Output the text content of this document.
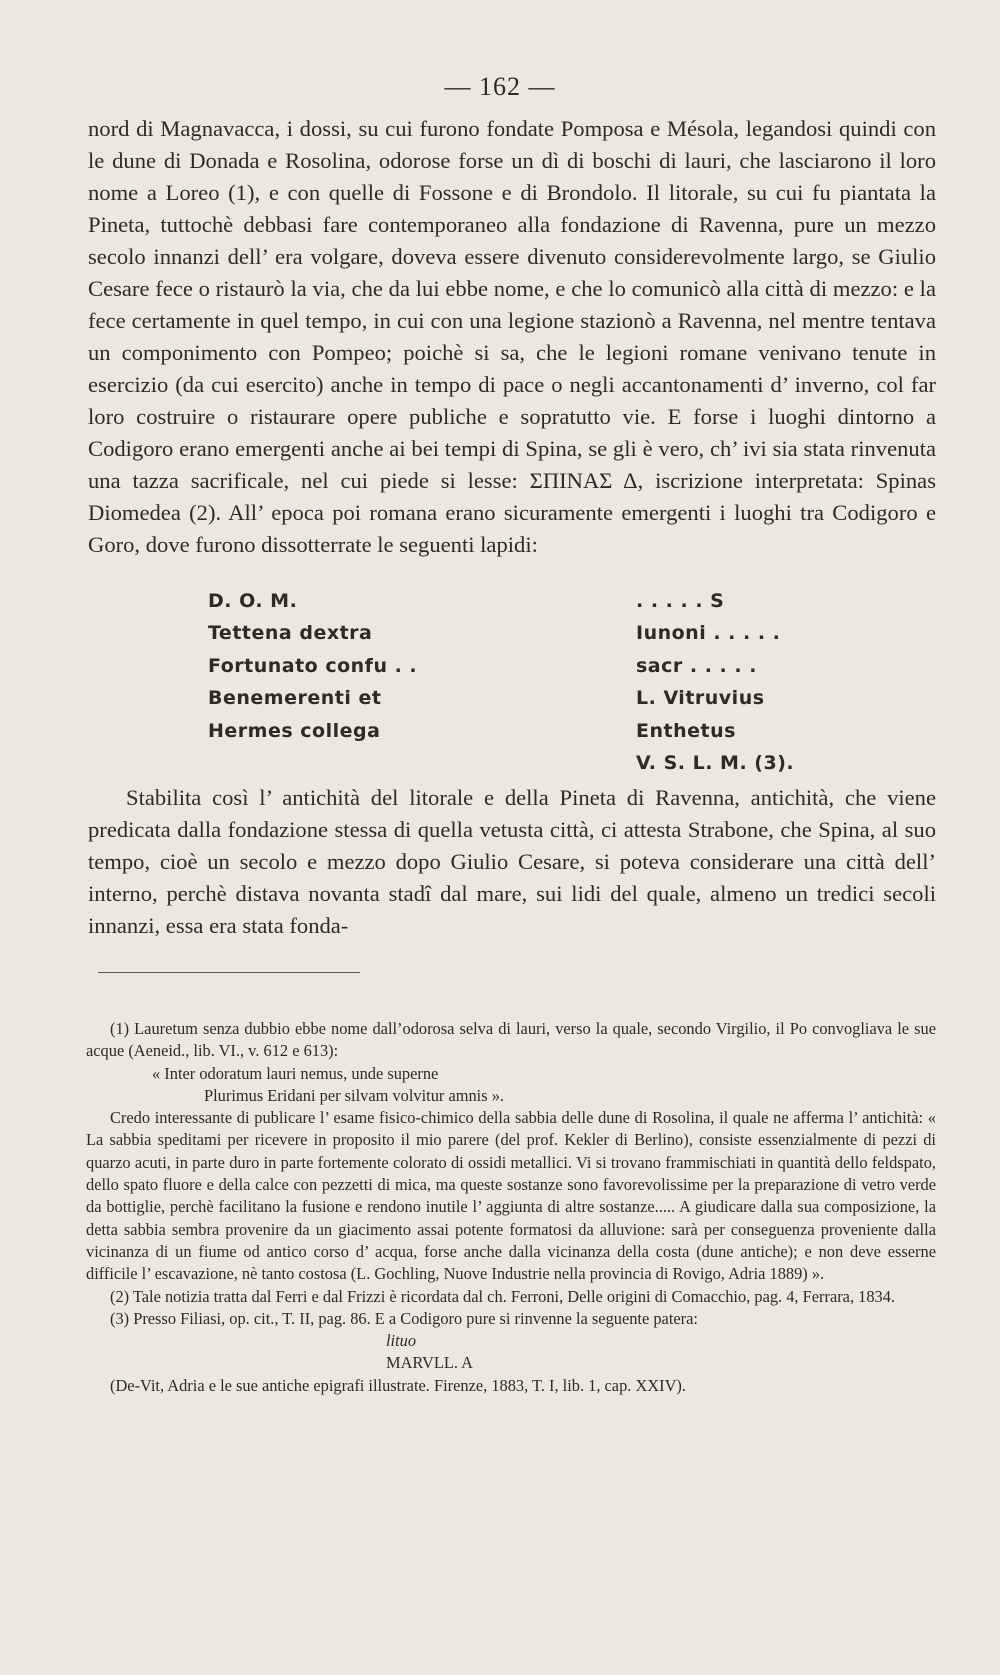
— 162 —

nord di Magnavacca, i dossi, su cui furono fondate Pomposa e Mésola, legandosi quindi con le dune di Donada e Rosolina, odorose forse un dì di boschi di lauri, che lasciarono il loro nome a Loreo (1), e con quelle di Fossone e di Brondolo. Il litorale, su cui fu piantata la Pineta, tuttochè debbasi fare contemporaneo alla fondazione di Ravenna, pure un mezzo secolo innanzi dell’ era volgare, doveva essere divenuto considerevolmente largo, se Giulio Cesare fece o ristaurò la via, che da lui ebbe nome, e che lo comunicò alla città di mezzo: e la fece certamente in quel tempo, in cui con una legione stazionò a Ravenna, nel mentre tentava un componimento con Pompeo; poichè si sa, che le legioni romane venivano tenute in esercizio (da cui esercito) anche in tempo di pace o negli accantonamenti d’ inverno, col far loro costruire o ristaurare opere publiche e sopratutto vie. E forse i luoghi dintorno a Codigoro erano emergenti anche ai bei tempi di Spina, se gli è vero, ch’ ivi sia stata rinvenuta una tazza sacrificale, nel cui piede si lesse: ΣΠΙΝΑΣ Δ, iscrizione interpretata: Spinas Diomedea (2). All’ epoca poi romana erano sicuramente emergenti i luoghi tra Codigoro e Goro, dove furono dissotterrate le seguenti lapidi:

D. O. M.
Tettena dextra
Fortunato confu . .
Benemerenti et
Hermes collega
. . . . . S
Iunoni . . . . .
sacr . . . . .
L. Vitruvius
Enthetus
V. S. L. M. (3).

Stabilita così l’ antichità del litorale e della Pineta di Ravenna, antichità, che viene predicata dalla fondazione stessa di quella vetusta città, ci attesta Strabone, che Spina, al suo tempo, cioè un secolo e mezzo dopo Giulio Cesare, si poteva considerare una città dell’ interno, perchè distava novanta stadî dal mare, sui lidi del quale, almeno un tredici secoli innanzi, essa era stata fonda-

(1) Lauretum senza dubbio ebbe nome dall’odorosa selva di lauri, verso la quale, secondo Virgilio, il Po convogliava le sue acque (Aeneid., lib. VI., v. 612 e 613):

« Inter odoratum lauri nemus, unde superne

Plurimus Eridani per silvam volvitur amnis ».

Credo interessante di publicare l’ esame fisico-chimico della sabbia delle dune di Rosolina, il quale ne afferma l’ antichità: « La sabbia speditami per ricevere in proposito il mio parere (del prof. Kekler di Berlino), consiste essenzialmente di pezzi di quarzo acuti, in parte duro in parte fortemente colorato di ossidi metallici. Vi si trovano frammischiati in quantità dello feldspato, dello spato fluore e della calce con pezzetti di mica, ma queste sostanze sono favorevolissime per la preparazione di vetro verde da bottiglie, perchè facilitano la fusione e rendono inutile l’ aggiunta di altre sostanze..... A giudicare dalla sua composizione, la detta sabbia sembra provenire da un giacimento assai potente formatosi da alluvione: sarà per conseguenza proveniente dalla vicinanza di un fiume od antico corso d’ acqua, forse anche dalla vicinanza della costa (dune antiche); e non deve esserne difficile l’ escavazione, nè tanto costosa (L. Gochling, Nuove Industrie nella provincia di Rovigo, Adria 1889) ».

(2) Tale notizia tratta dal Ferri e dal Frizzi è ricordata dal ch. Ferroni, Delle origini di Comacchio, pag. 4, Ferrara, 1834.

(3) Presso Filiasi, op. cit., T. II, pag. 86. E a Codigoro pure si rinvenne la seguente patera:

lituo

MARVLL. A

(De-Vit, Adria e le sue antiche epigrafi illustrate. Firenze, 1883, T. I, lib. 1, cap. XXIV).
